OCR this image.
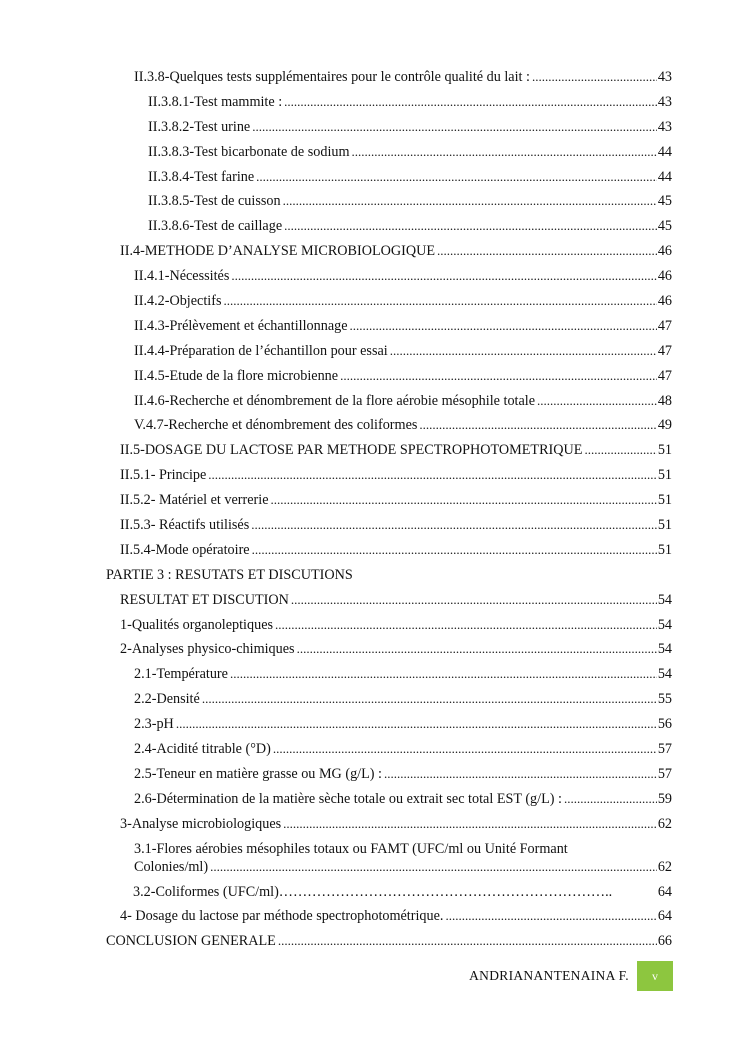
II.3.8-Quelques tests supplémentaires pour le contrôle qualité du lait : .....	43
II.3.8.1-Test mammite : .....	43
II.3.8.2-Test urine .....	43
II.3.8.3-Test bicarbonate de sodium .....	44
II.3.8.4-Test farine .....	44
II.3.8.5-Test de cuisson .....	45
II.3.8.6-Test de caillage .....	45
II.4-METHODE D’ANALYSE MICROBIOLOGIQUE .....	46
II.4.1-Nécessités .....	46
II.4.2-Objectifs .....	46
II.4.3-Prélèvement et échantillonnage .....	47
II.4.4-Préparation de l’échantillon pour essai .....	47
II.4.5-Etude de la flore microbienne .....	47
II.4.6-Recherche et dénombrement de la flore aérobie mésophile totale .....	48
V.4.7-Recherche et dénombrement des coliformes .....	49
II.5-DOSAGE DU LACTOSE PAR METHODE SPECTROPHOTOMETRIQUE .....	51
II.5.1- Principe .....	51
II.5.2- Matériel et verrerie .....	51
II.5.3- Réactifs utilisés .....	51
II.5.4-Mode opératoire .....	51
PARTIE 3 : RESUTATS ET DISCUTIONS
RESULTAT ET DISCUTION .....	54
1-Qualités organoleptiques .....	54
2-Analyses physico-chimiques .....	54
2.1-Température .....	54
2.2-Densité .....	55
2.3-pH .....	56
2.4-Acidité titrable (°D) .....	57
2.5-Teneur en matière grasse ou MG (g/L) : .....	57
2.6-Détermination de la matière sèche totale ou extrait sec total EST (g/L) : .....	59
3-Analyse microbiologiques .....	62
3.1-Flores aérobies mésophiles totaux ou FAMT (UFC/ml ou Unité Formant
Colonies/ml) .....	62
3.2-Coliformes (UFC/ml)……………………………………………………………..	64
4- Dosage du lactose par méthode spectrophotométrique. .....	64
CONCLUSION GENERALE .....	66
ANDRIANANTENAINA F.	v
